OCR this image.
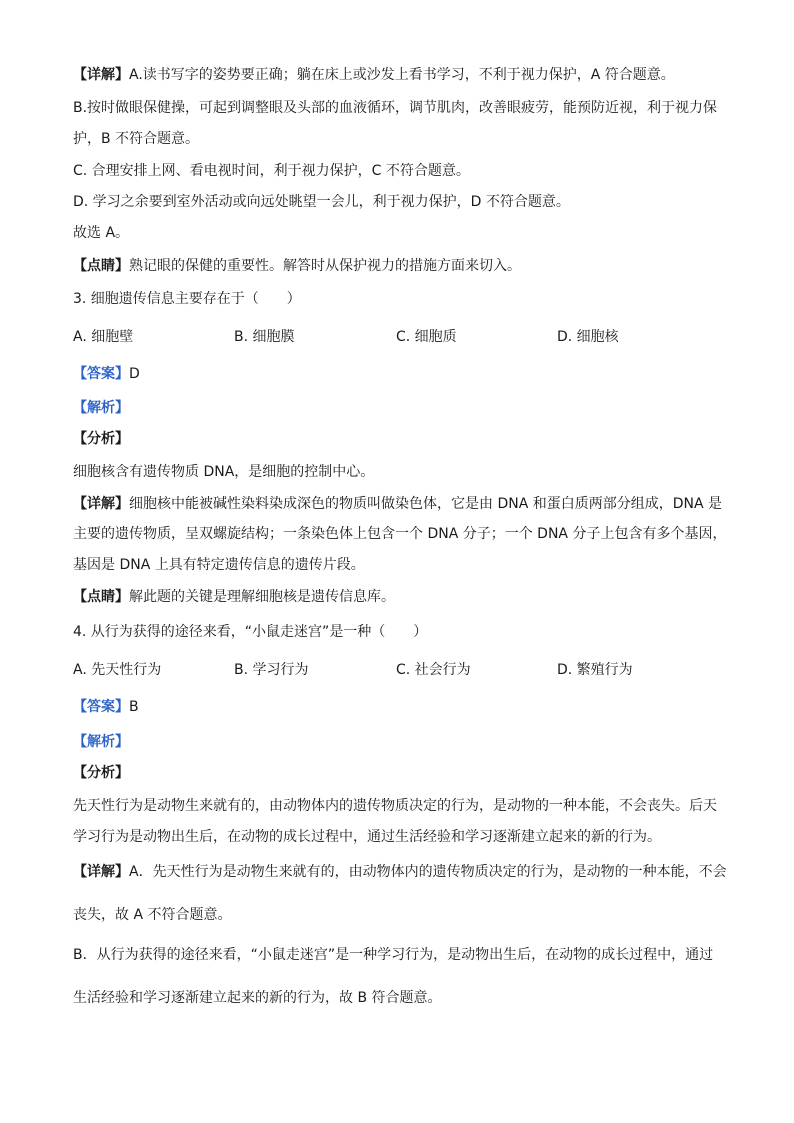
【详解】A.读书写字的姿势要正确；躺在床上或沙发上看书学习，不利于视力保护，A 符合题意。
B.按时做眼保健操，可起到调整眼及头部的血液循环，调节肌肉，改善眼疲劳，能预防近视，利于视力保
护，B 不符合题意。
C. 合理安排上网、看电视时间，利于视力保护，C 不符合题意。
D. 学习之余要到室外活动或向远处眺望一会儿，利于视力保护，D 不符合题意。
故选 A。
【点睛】熟记眼的保健的重要性。解答时从保护视力的措施方面来切入。
3. 细胞遗传信息主要存在于（　　）
A. 细胞壁	B. 细胞膜	C. 细胞质	D. 细胞核
【答案】D
【解析】
【分析】
细胞核含有遗传物质 DNA，是细胞的控制中心。
【详解】细胞核中能被碱性染料染成深色的物质叫做染色体，它是由 DNA 和蛋白质两部分组成，DNA 是
主要的遗传物质，呈双螺旋结构；一条染色体上包含一个 DNA 分子；一个 DNA 分子上包含有多个基因，
基因是 DNA 上具有特定遗传信息的遗传片段。
【点睛】解此题的关键是理解细胞核是遗传信息库。
4. 从行为获得的途径来看，“小鼠走迷宫”是一种（　　）
A. 先天性行为	B. 学习行为	C. 社会行为	D. 繁殖行为
【答案】B
【解析】
【分析】
先天性行为是动物生来就有的，由动物体内的遗传物质决定的行为，是动物的一种本能，不会丧失。后天
学习行为是动物出生后，在动物的成长过程中，通过生活经验和学习逐渐建立起来的新的行为。
【详解】A．先天性行为是动物生来就有的，由动物体内的遗传物质决定的行为，是动物的一种本能，不会
丧失，故 A 不符合题意。
B．从行为获得的途径来看，“小鼠走迷宫”是一种学习行为，是动物出生后，在动物的成长过程中，通过
生活经验和学习逐渐建立起来的新的行为，故 B 符合题意。
